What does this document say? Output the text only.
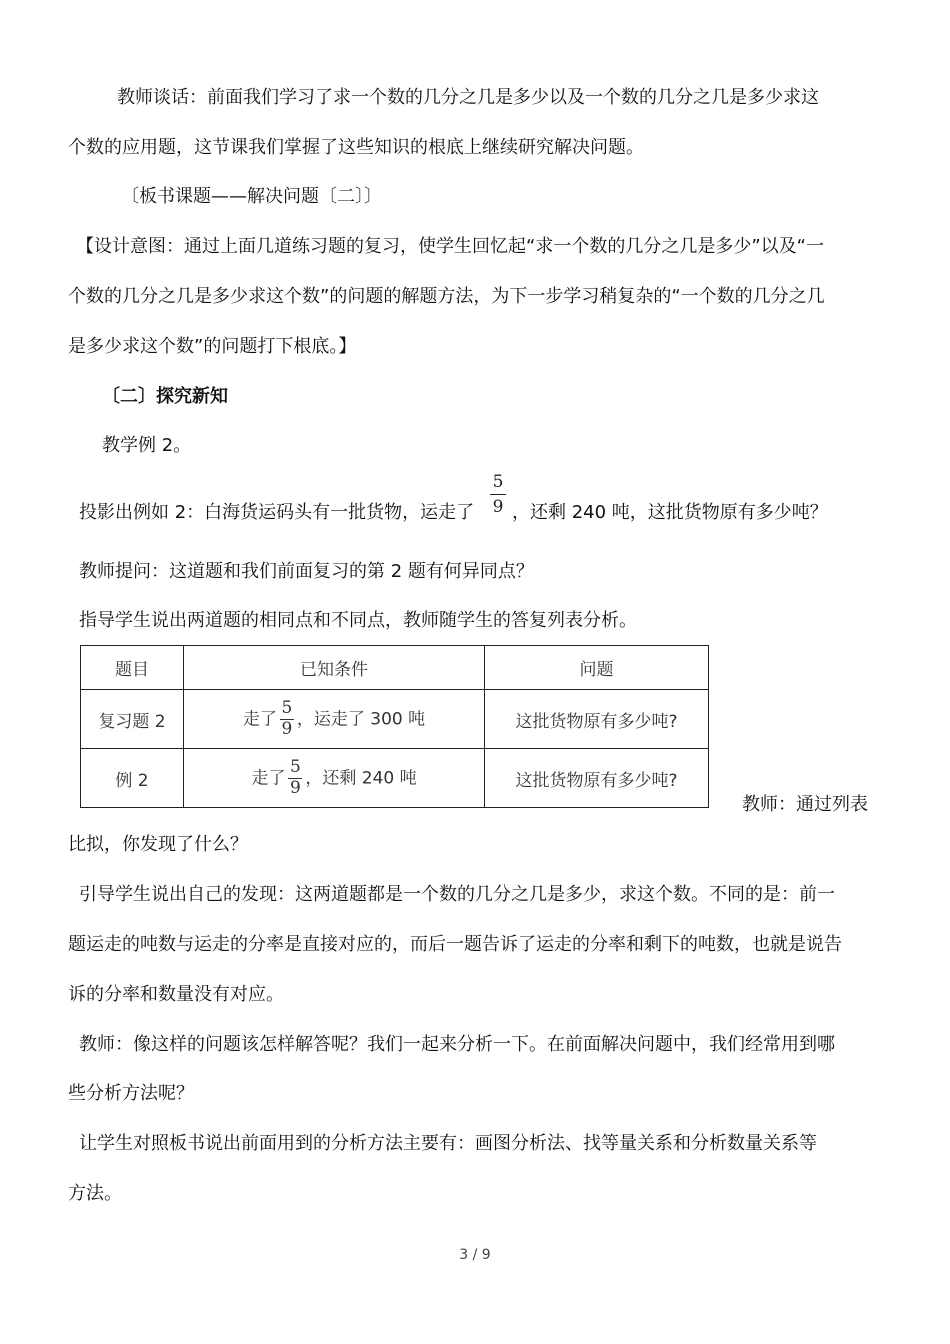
教师谈话：前面我们学习了求一个数的几分之几是多少以及一个数的几分之几是多少求这
个数的应用题，这节课我们掌握了这些知识的根底上继续研究解决问题。
〔板书课题——解决问题〔二〕〕
【设计意图：通过上面几道练习题的复习，使学生回忆起“求一个数的几分之几是多少”以及“一
个数的几分之几是多少求这个数”的问题的解题方法，为下一步学习稍复杂的“一个数的几分之几
是多少求这个数”的问题打下根底。】
〔二〕探究新知
教学例 2。
投影出例如 2：白海货运码头有一批货物，运走了
5
9 ，还剩 240 吨，这批货物原有多少吨？
教师提问：这道题和我们前面复习的第 2 题有何异同点？
指导学生说出两道题的相同点和不同点，教师随学生的答复列表分析。
题目	已知条件	问题
复习题 2	走了 $\frac{5}{9}$ ，运走了 300 吨	这批货物原有多少吨?
例 2	走了 $\frac{5}{9}$ ，还剩 240 吨	这批货物原有多少吨?
教师：通过列表
比拟，你发现了什么？
引导学生说出自己的发现：这两道题都是一个数的几分之几是多少，求这个数。不同的是：前一
题运走的吨数与运走的分率是直接对应的，而后一题告诉了运走的分率和剩下的吨数，也就是说告
诉的分率和数量没有对应。
教师：像这样的问题该怎样解答呢？我们一起来分析一下。在前面解决问题中，我们经常用到哪
些分析方法呢？
让学生对照板书说出前面用到的分析方法主要有：画图分析法、找等量关系和分析数量关系等
方法。
3 / 9
